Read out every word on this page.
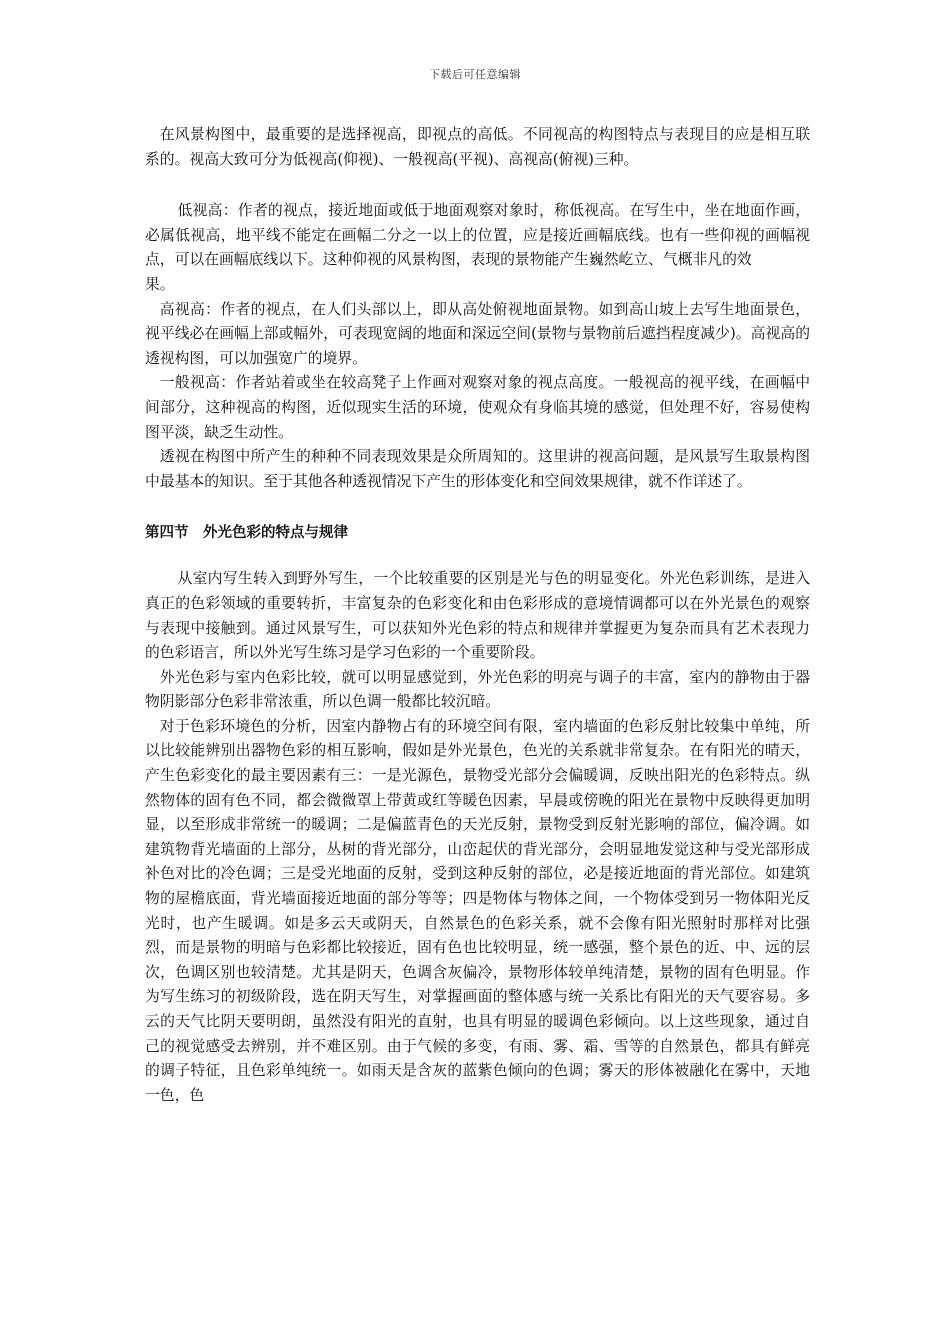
下载后可任意编辑

在风景构图中，最重要的是选择视高，即视点的高低。不同视高的构图特点与表现目的应是相互联系的。视高大致可分为低视高(仰视)、一般视高(平视)、高视高(俯视)三种。

低视高：作者的视点，接近地面或低于地面观察对象时，称低视高。在写生中，坐在地面作画，必属低视高，地平线不能定在画幅二分之一以上的位置，应是接近画幅底线。也有一些仰视的画幅视点，可以在画幅底线以下。这种仰视的风景构图，表现的景物能产生巍然屹立、气概非凡的效

果。

高视高：作者的视点，在人们头部以上，即从高处俯视地面景物。如到高山坡上去写生地面景色，视平线必在画幅上部或幅外，可表现宽阔的地面和深远空间(景物与景物前后遮挡程度减少)。高视高的透视构图，可以加强宽广的境界。

一般视高：作者站着或坐在较高凳子上作画对观察对象的视点高度。一般视高的视平线，在画幅中间部分，这种视高的构图，近似现实生活的环境，使观众有身临其境的感觉，但处理不好，容易使构图平淡，缺乏生动性。

透视在构图中所产生的种种不同表现效果是众所周知的。这里讲的视高问题，是风景写生取景构图中最基本的知识。至于其他各种透视情况下产生的形体变化和空间效果规律，就不作详述了。

第四节　外光色彩的特点与规律

从室内写生转入到野外写生，一个比较重要的区别是光与色的明显变化。外光色彩训练，是进入真正的色彩领域的重要转折，丰富复杂的色彩变化和由色彩形成的意境情调都可以在外光景色的观察与表现中接触到。通过风景写生，可以获知外光色彩的特点和规律并掌握更为复杂而具有艺术表现力的色彩语言，所以外光写生练习是学习色彩的一个重要阶段。

外光色彩与室内色彩比较，就可以明显感觉到，外光色彩的明亮与调子的丰富，室内的静物由于器物阴影部分色彩非常浓重，所以色调一般都比较沉暗。

对于色彩环境色的分析，因室内静物占有的环境空间有限，室内墙面的色彩反射比较集中单纯，所以比较能辨别出器物色彩的相互影响，假如是外光景色，色光的关系就非常复杂。在有阳光的晴天，产生色彩变化的最主要因素有三：一是光源色，景物受光部分会偏暖调，反映出阳光的色彩特点。纵然物体的固有色不同，都会微微罩上带黄或红等暖色因素，早晨或傍晚的阳光在景物中反映得更加明显，以至形成非常统一的暖调；二是偏蓝青色的天光反射，景物受到反射光影响的部位，偏冷调。如建筑物背光墙面的上部分，丛树的背光部分，山峦起伏的背光部分，会明显地发觉这种与受光部形成补色对比的冷色调；三是受光地面的反射，受到这种反射的部位，必是接近地面的背光部位。如建筑物的屋檐底面，背光墙面接近地面的部分等等；四是物体与物体之间，一个物体受到另一物体阳光反光时，也产生暖调。如是多云天或阴天，自然景色的色彩关系，就不会像有阳光照射时那样对比强烈，而是景物的明暗与色彩都比较接近，固有色也比较明显，统一感强，整个景色的近、中、远的层次，色调区别也较清楚。尤其是阴天，色调含灰偏冷，景物形体较单纯清楚，景物的固有色明显。作为写生练习的初级阶段，选在阴天写生，对掌握画面的整体感与统一关系比有阳光的天气要容易。多云的天气比阴天要明朗，虽然没有阳光的直射，也具有明显的暖调色彩倾向。以上这些现象，通过自己的视觉感受去辨别，并不难区别。由于气候的多变，有雨、雾、霜、雪等的自然景色，都具有鲜亮的调子特征，且色彩单纯统一。如雨天是含灰的蓝紫色倾向的色调；雾天的形体被融化在雾中，天地一色，色
